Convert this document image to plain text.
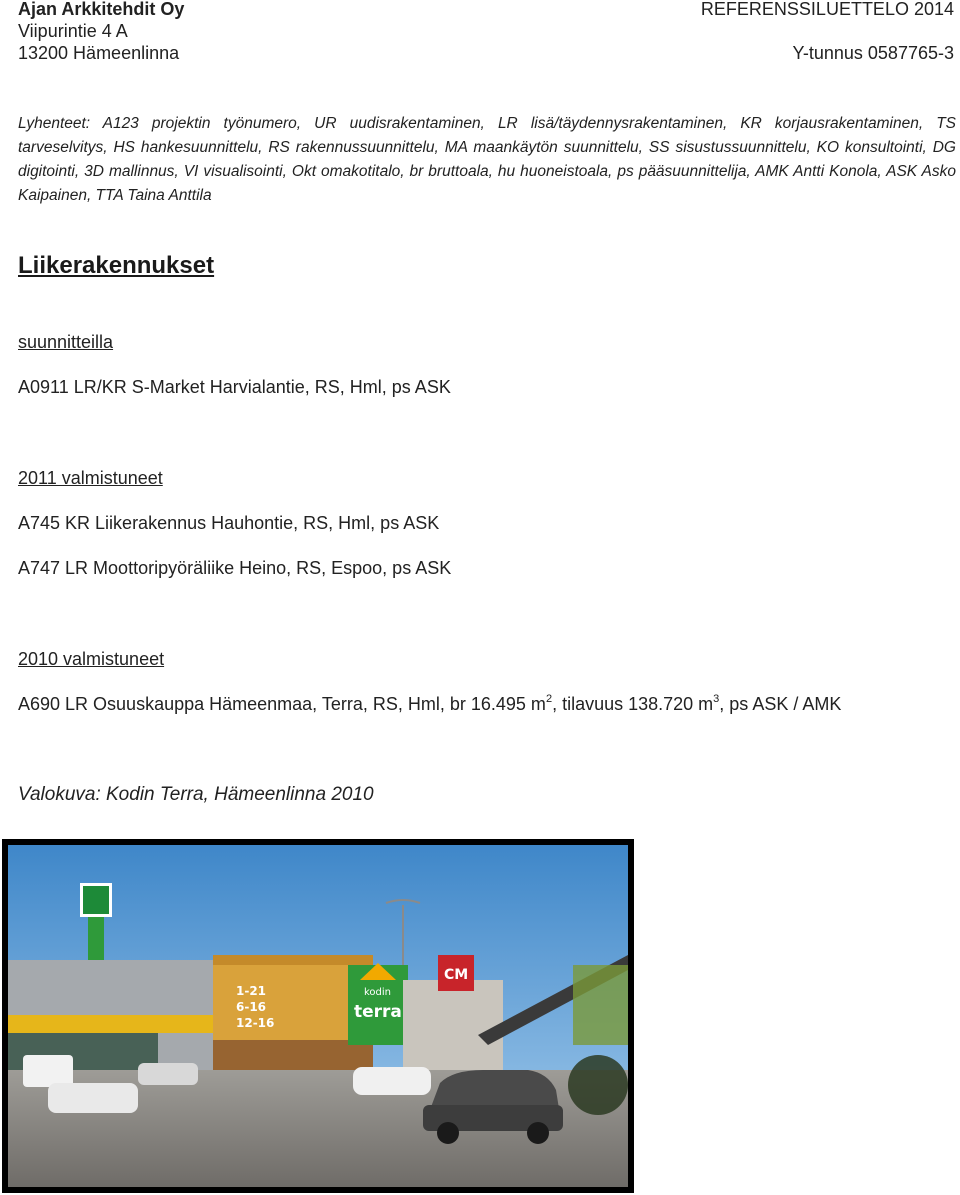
Ajan Arkkitehdit Oy
Viipurintie 4 A
13200 Hämeenlinna
REFERENSSILUETTELO 2014
Y-tunnus 0587765-3

Lyhenteet: A123 projektin työnumero, UR uudisrakentaminen, LR lisä/täydennysrakentaminen, KR korjausrakentaminen, TS tarveselvitys, HS hankesuunnittelu, RS rakennussuunnittelu, MA maankäytön suunnittelu, SS sisustussuunnittelu, KO konsultointi, DG digitointi, 3D mallinnus, VI visualisointi, Okt omakotitalo, br bruttoala, hu huoneistoala, ps pääsuunnittelija, AMK Antti Konola, ASK Asko Kaipainen, TTA Taina Anttila

Liikerakennukset
suunnitteilla
A0911 LR/KR S-Market Harvialantie, RS, Hml, ps ASK
2011 valmistuneet
A745 KR Liikerakennus Hauhontie, RS, Hml, ps ASK
A747 LR Moottoripyöräliike Heino, RS, Espoo, ps ASK
2010 valmistuneet
A690 LR Osuuskauppa Hämeenmaa, Terra, RS, Hml, br 16.495 $m^2$, tilavuus 138.720 $m^3$, ps ASK / AMK
Valokuva: Kodin Terra, Hämeenlinna 2010
1-21
6-16
12-16
kodin
terra
CM
